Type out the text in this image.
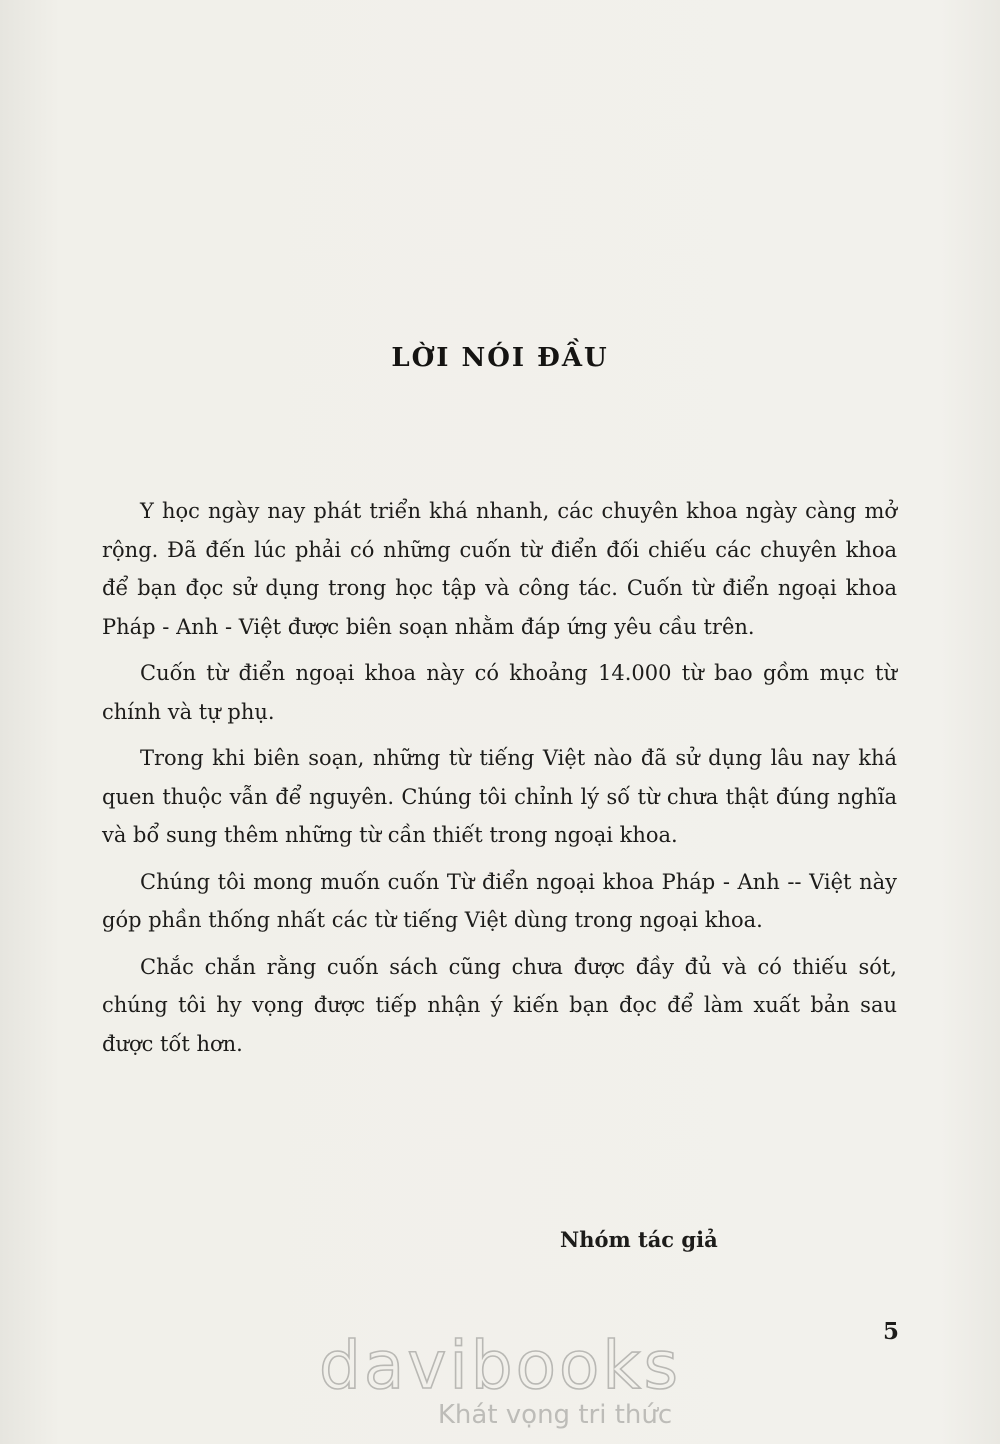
LỜI NÓI ĐẦU

Y học ngày nay phát triển khá nhanh, các chuyên khoa ngày càng mở rộng. Đã đến lúc phải có những cuốn từ điển đối chiếu các chuyên khoa để bạn đọc sử dụng trong học tập và công tác. Cuốn từ điển ngoại khoa Pháp - Anh - Việt được biên soạn nhằm đáp ứng yêu cầu trên.

Cuốn từ điển ngoại khoa này có khoảng 14.000 từ bao gồm mục từ chính và tự phụ.

Trong khi biên soạn, những từ tiếng Việt nào đã sử dụng lâu nay khá quen thuộc vẫn để nguyên. Chúng tôi chỉnh lý số từ chưa thật đúng nghĩa và bổ sung thêm những từ cần thiết trong ngoại khoa.

Chúng tôi mong muốn cuốn Từ điển ngoại khoa Pháp - Anh -- Việt này góp phần thống nhất các từ tiếng Việt dùng trong ngoại khoa.

Chắc chắn rằng cuốn sách cũng chưa được đầy đủ và có thiếu sót, chúng tôi hy vọng được tiếp nhận ý kiến bạn đọc để làm xuất bản sau được tốt hơn.

Nhóm tác giả
5
davibooks
Khát vọng tri thức
